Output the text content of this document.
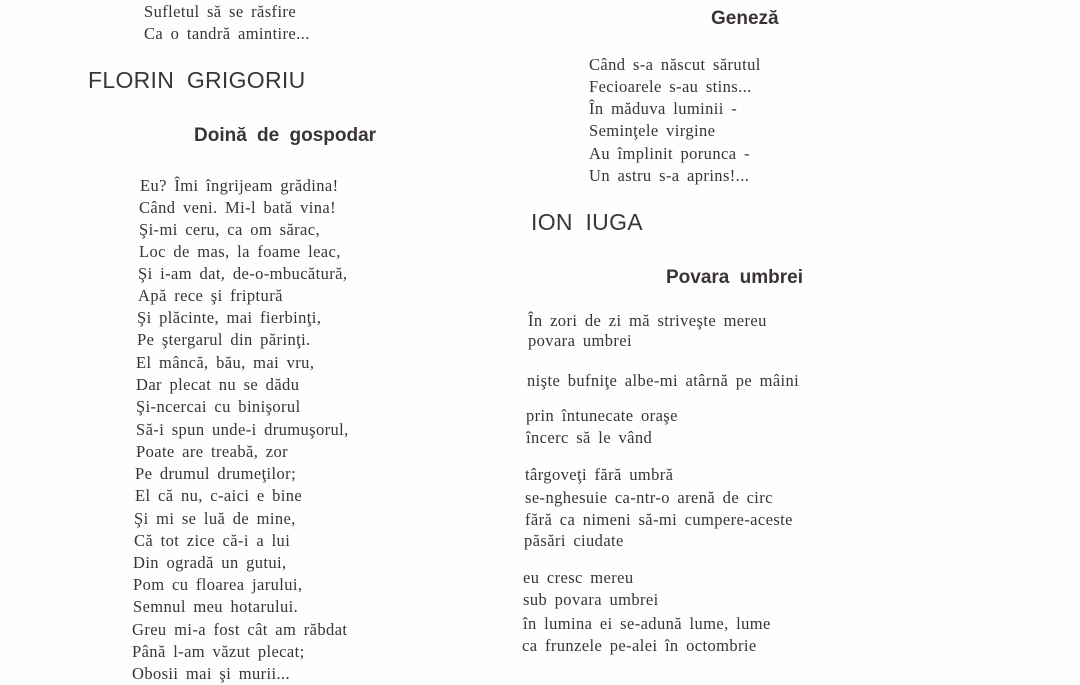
Sufletul să se răsfire
Ca o tandră amintire...
FLORIN GRIGORIU
Doină de gospodar
Eu? Îmi îngrijeam grădina!
Când veni. Mi-l bată vina!
Şi-mi ceru, ca om sărac,
Loc de mas, la foame leac,
Şi i-am dat, de-o-mbucătură,
Apă rece şi friptură
Şi plăcinte, mai fierbinţi,
Pe ştergarul din părinţi.
El mâncă, bău, mai vru,
Dar plecat nu se dădu
Şi-ncercai cu binişorul
Să-i spun unde-i drumuşorul,
Poate are treabă, zor
Pe drumul drumeţilor;
El că nu, c-aici e bine
Şi mi se luă de mine,
Că tot zice că-i a lui
Din ogradă un gutui,
Pom cu floarea jarului,
Semnul meu hotarului.
Greu mi-a fost cât am răbdat
Până l-am văzut plecat;
Obosii mai şi murii...
Geneză
Când s-a născut sărutul
Fecioarele s-au stins...
În măduva luminii -
Seminţele virgine
Au împlinit porunca -
Un astru s-a aprins!...
ION IUGA
Povara umbrei
În zori de zi mă striveşte mereu
povara umbrei
nişte bufniţe albe-mi atârnă pe mâini
prin întunecate oraşe
încerc să le vând
târgoveţi fără umbră
se-nghesuie ca-ntr-o arenă de circ
fără ca nimeni să-mi cumpere-aceste
păsări ciudate
eu cresc mereu
sub povara umbrei
în lumina ei se-adună lume, lume
ca frunzele pe-alei în octombrie
